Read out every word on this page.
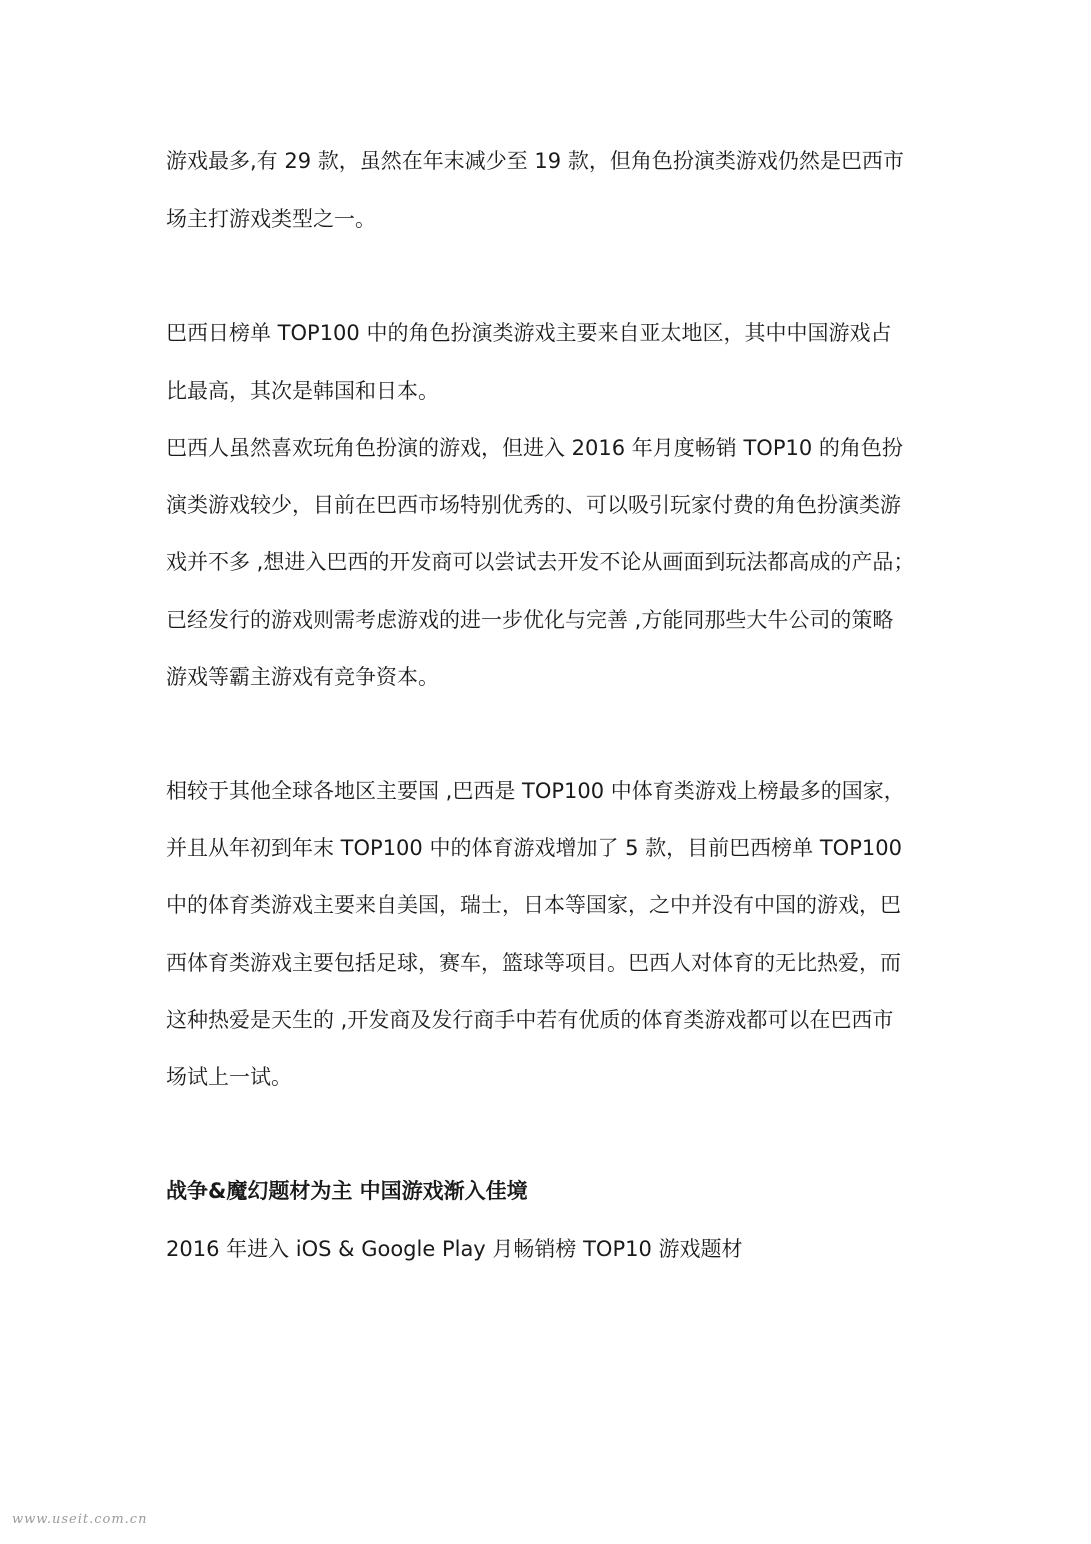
游戏最多,有 29 款，虽然在年末减少至 19 款，但角色扮演类游戏仍然是巴西市
场主打游戏类型之一。
巴西日榜单 TOP100 中的角色扮演类游戏主要来自亚太地区，其中中国游戏占
比最高，其次是韩国和日本。
巴西人虽然喜欢玩角色扮演的游戏，但进入 2016 年月度畅销 TOP10 的角色扮
演类游戏较少，目前在巴西市场特别优秀的、可以吸引玩家付费的角色扮演类游
戏并不多 ,想进入巴西的开发商可以尝试去开发不论从画面到玩法都高成的产品；
已经发行的游戏则需考虑游戏的进一步优化与完善 ,方能同那些大牛公司的策略
游戏等霸主游戏有竞争资本。
相较于其他全球各地区主要国 ,巴西是 TOP100 中体育类游戏上榜最多的国家，
并且从年初到年末 TOP100 中的体育游戏增加了 5 款，目前巴西榜单 TOP100
中的体育类游戏主要来自美国，瑞士，日本等国家，之中并没有中国的游戏，巴
西体育类游戏主要包括足球，赛车，篮球等项目。巴西人对体育的无比热爱，而
这种热爱是天生的 ,开发商及发行商手中若有优质的体育类游戏都可以在巴西市
场试上一试。
战争&魔幻题材为主 中国游戏渐入佳境
2016 年进入 iOS & Google Play 月畅销榜 TOP10 游戏题材
www.useit.com.cn
